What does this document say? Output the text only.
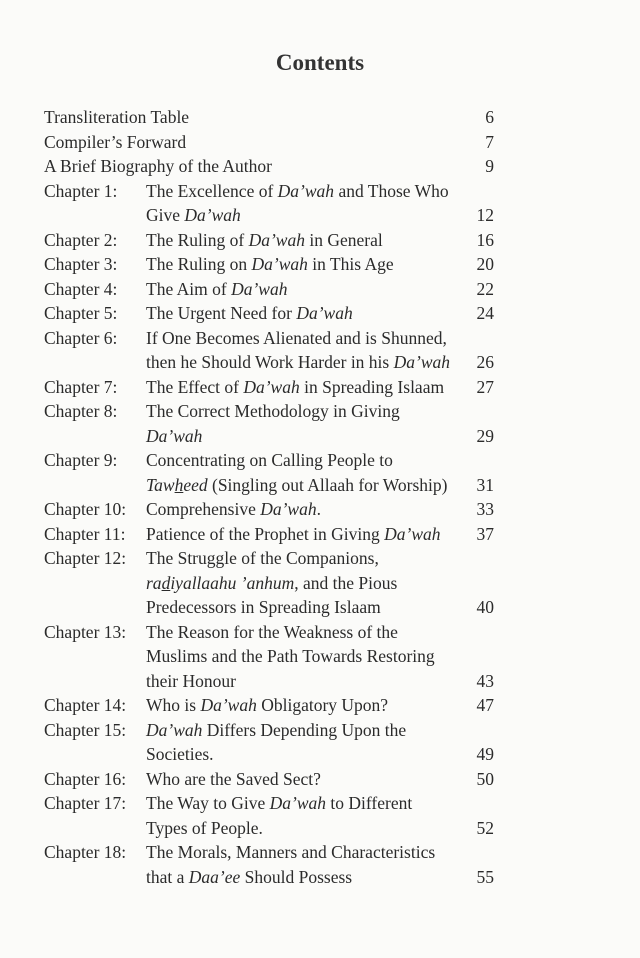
Contents
Transliteration Table	6
Compiler’s Forward	7
A Brief Biography of the Author	9
Chapter 1: The Excellence of Da’wah and Those Who
Give Da’wah	12
Chapter 2: The Ruling of Da’wah in General	16
Chapter 3: The Ruling on Da’wah in This Age	20
Chapter 4: The Aim of Da’wah	22
Chapter 5: The Urgent Need for Da’wah	24
Chapter 6: If One Becomes Alienated and is Shunned,
then he Should Work Harder in his Da’wah 26
Chapter 7: The Effect of Da’wah in Spreading Islaam 27
Chapter 8: The Correct Methodology in Giving
Da’wah	29
Chapter 9: Concentrating on Calling People to
Tawheed (Singling out Allaah for Worship) 31
Chapter 10: Comprehensive Da’wah.	33
Chapter 11: Patience of the Prophet in Giving Da’wah 37
Chapter 12: The Struggle of the Companions,
radiyallaahu ’anhum, and the Pious
Predecessors in Spreading Islaam	40
Chapter 13: The Reason for the Weakness of the
Muslims and the Path Towards Restoring
their Honour	43
Chapter 14: Who is Da’wah Obligatory Upon?	47
Chapter 15: Da’wah Differs Depending Upon the
Societies.	49
Chapter 16: Who are the Saved Sect?	50
Chapter 17: The Way to Give Da’wah to Different
Types of People.	52
Chapter 18: The Morals, Manners and Characteristics
that a Daa’ee Should Possess	55
